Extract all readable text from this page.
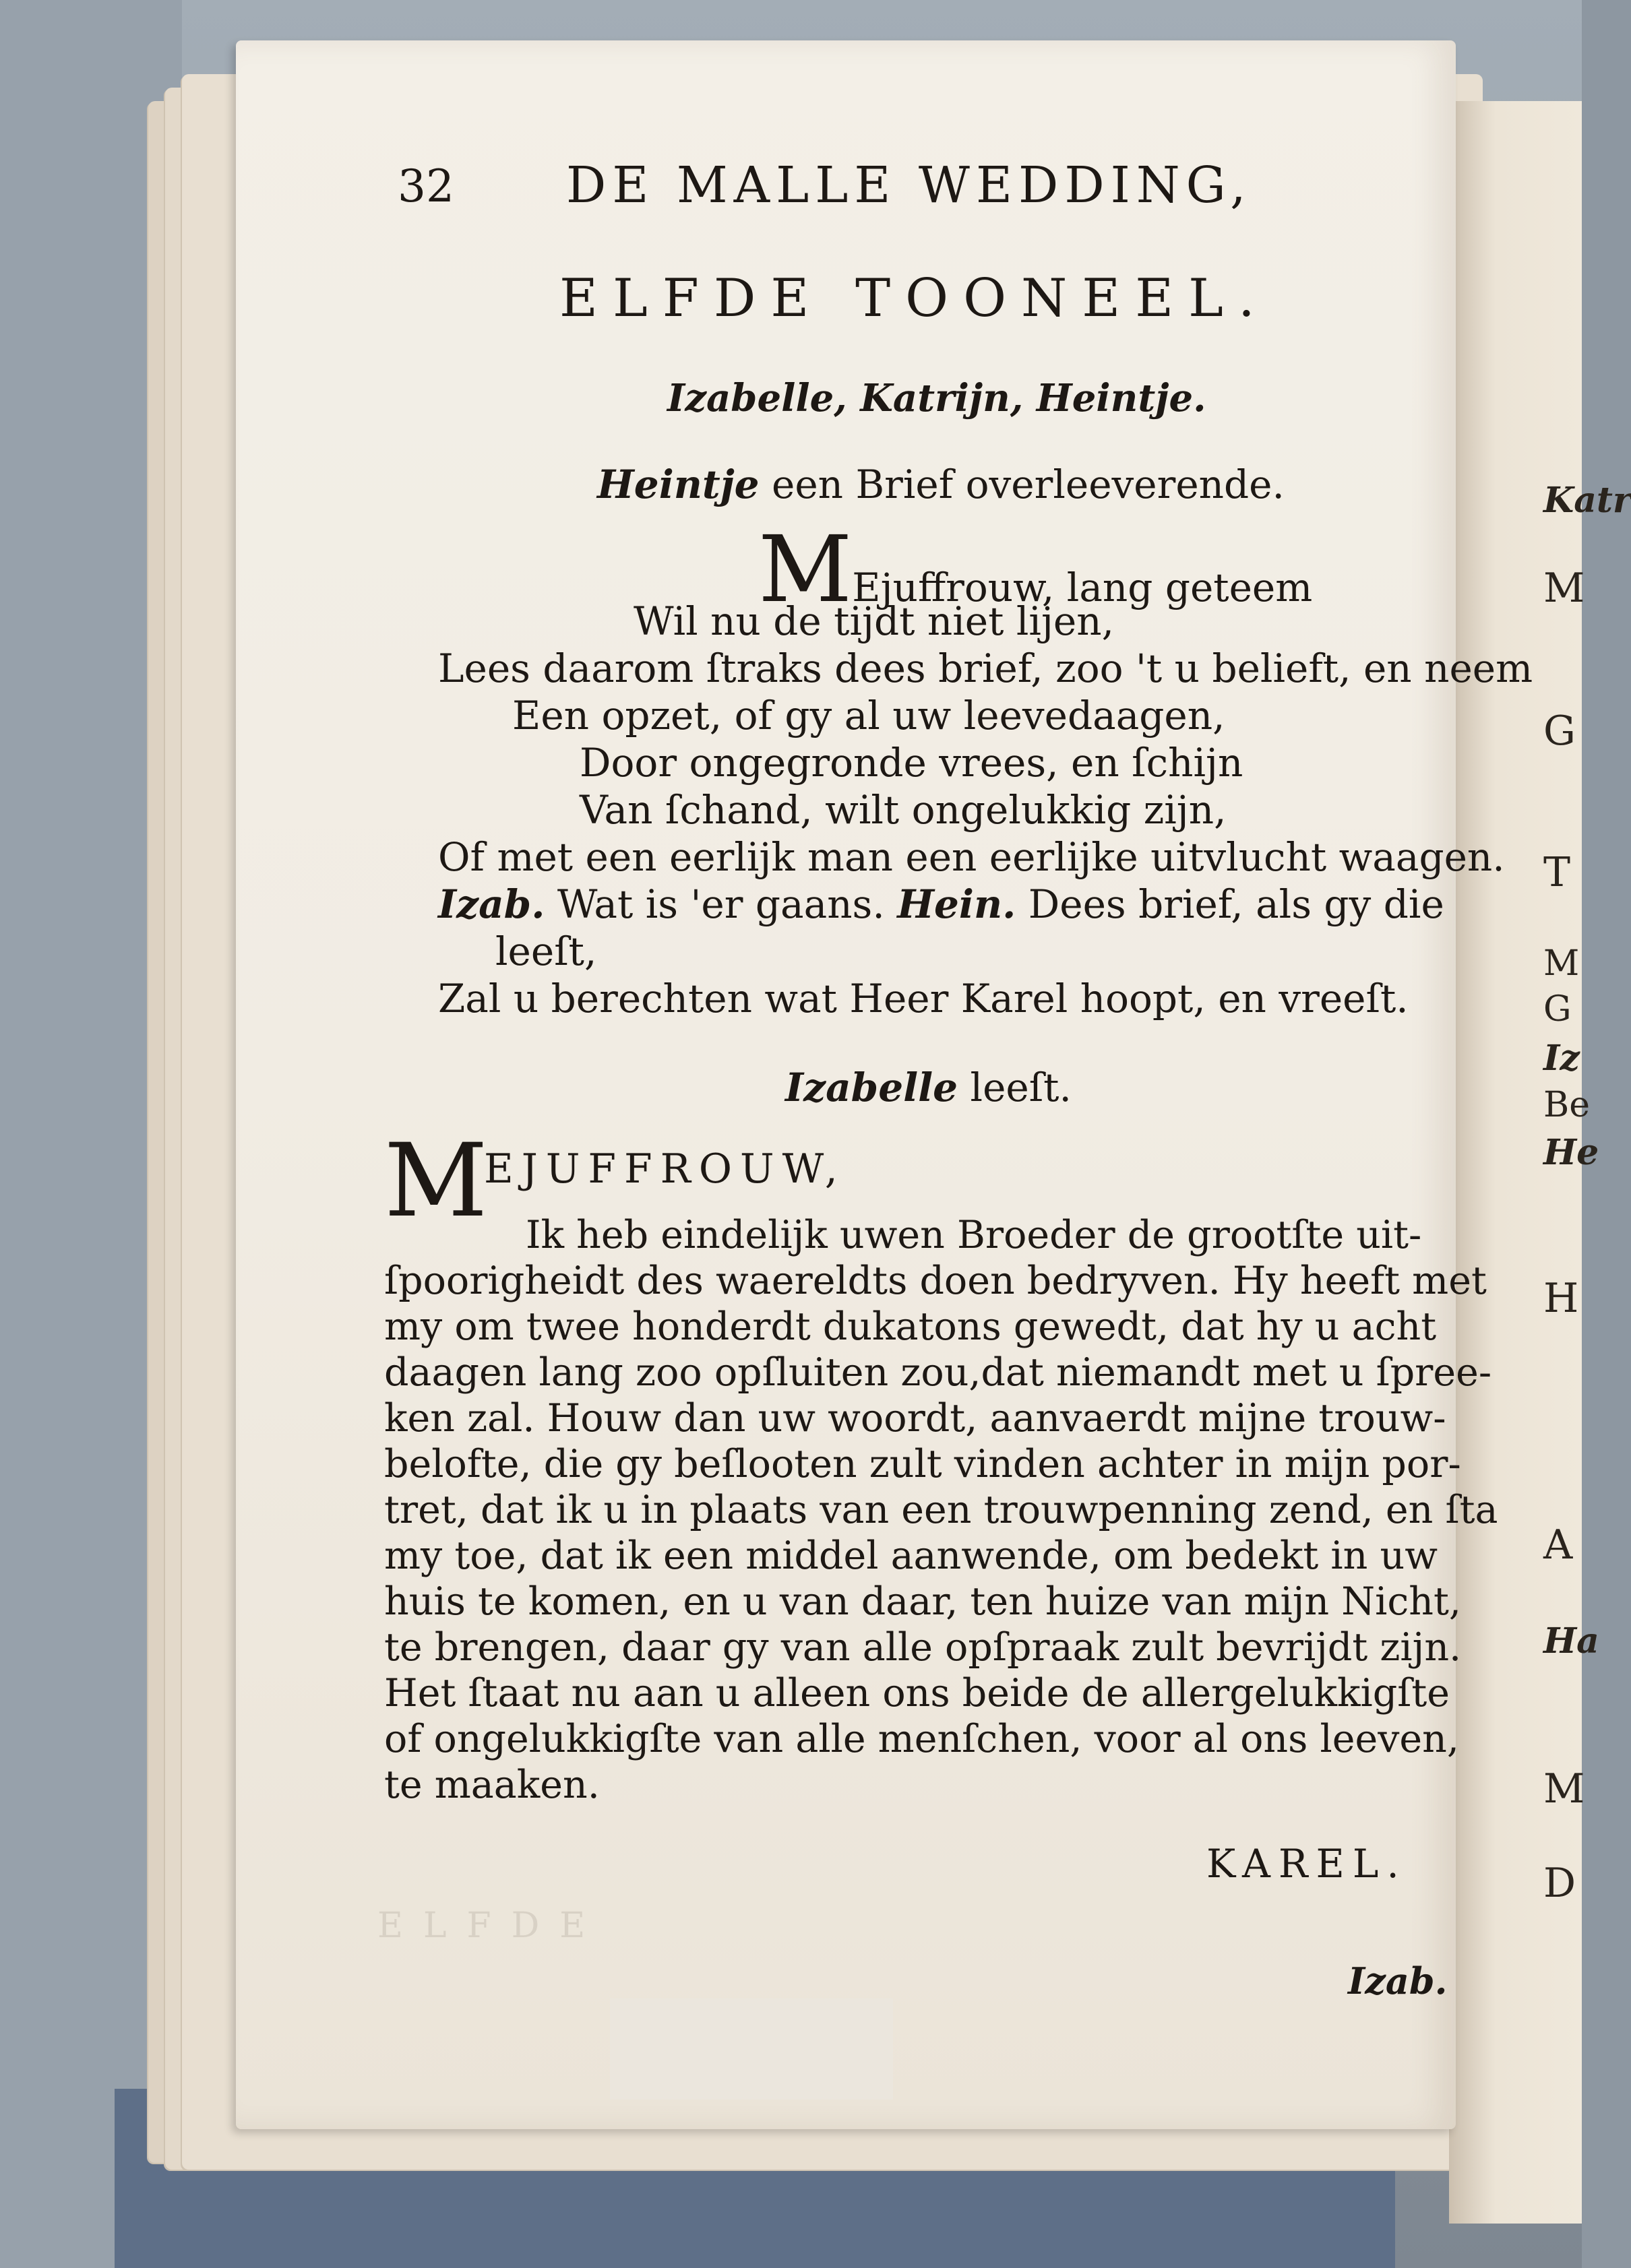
Katr
M
G
T
M
G
Iz
Be
He
H
A
Ha
M
D
32 DE MALLE WEDDING,
ELFDE TOONEEL.
Izabelle, Katrijn, Heintje.
Heintje een Brief overleeverende.
MEjuffrouw, lang geteem
Wil nu de tijdt niet lijen,
Lees daarom ſtraks dees brief, zoo 't u belieft, en neem
Een opzet, of gy al uw leevedaagen,
Door ongegronde vrees, en ſchijn
Van ſchand, wilt ongelukkig zijn,
Of met een eerlijk man een eerlijke uitvlucht waagen.
Izab. Wat is 'er gaans. Hein. Dees brief, als gy die
leeſt,
Zal u berechten wat Heer Karel hoopt, en vreeſt.
Izabelle leeſt.
M
EJUFFROUW,
Ik heb eindelijk uwen Broeder de grootſte uit-
ſpoorigheidt des waereldts doen bedryven. Hy heeft met
my om twee honderdt dukatons gewedt, dat hy u acht
daagen lang zoo opſluiten zou,dat niemandt met u ſpree-
ken zal. Houw dan uw woordt, aanvaerdt mijne trouw-
belofte, die gy beſlooten zult vinden achter in mijn por-
tret, dat ik u in plaats van een trouwpenning zend, en ſta
my toe, dat ik een middel aanwende, om bedekt in uw
huis te komen, en u van daar, ten huize van mijn Nicht,
te brengen, daar gy van alle opſpraak zult bevrijdt zijn.
Het ſtaat nu aan u alleen ons beide de allergelukkigſte
of ongelukkigſte van alle menſchen, voor al ons leeven,
te maaken.
KAREL.
ELFDE
Izab.
